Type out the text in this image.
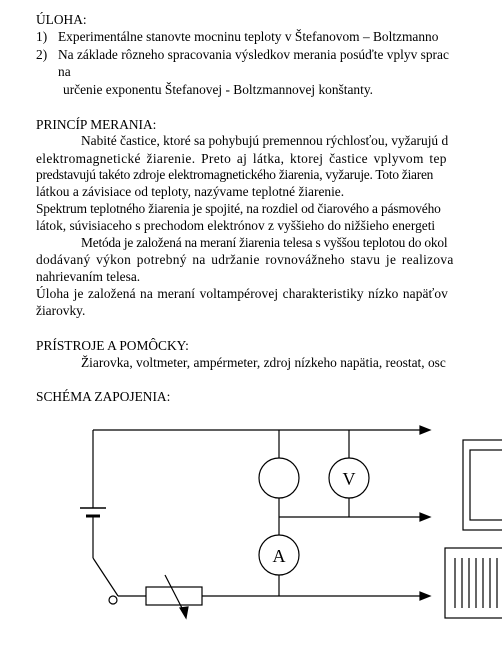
ÚLOHA:
1) Experimentálne stanovte mocninu teploty v Štefanovom – Boltzmanno
2) Na základe rôzneho spracovania výsledkov merania posúďte vplyv sprac
na
určenie exponentu Štefanovej - Boltzmannovej konštanty.
PRINCÍP MERANIA:
Nabité častice, ktoré sa pohybujú premennou rýchlosťou, vyžarujú d
elektromagnetické žiarenie. Preto aj látka, ktorej častice vplyvom tep
predstavujú takéto zdroje elektromagnetického žiarenia, vyžaruje. Toto žiaren
látkou a závisiace od teploty, nazývame teplotné žiarenie.
Spektrum teplotného žiarenia je spojité, na rozdiel od čiarového a pásmového
látok, súvisiaceho s prechodom elektrónov z vyššieho do nižšieho energeti
Metóda je založená na meraní žiarenia telesa s vyššou teplotou do okol
dodávaný výkon potrebný na udržanie rovnovážneho stavu je realizova
nahrievaním telesa.
Úloha je založená na meraní voltampérovej charakteristiky nízko napäťov
žiarovky.
PRÍSTROJE A POMÔCKY:
Žiarovka, voltmeter, ampérmeter, zdroj nízkeho napätia, reostat, osc
SCHÉMA ZAPOJENIA:
V
A
